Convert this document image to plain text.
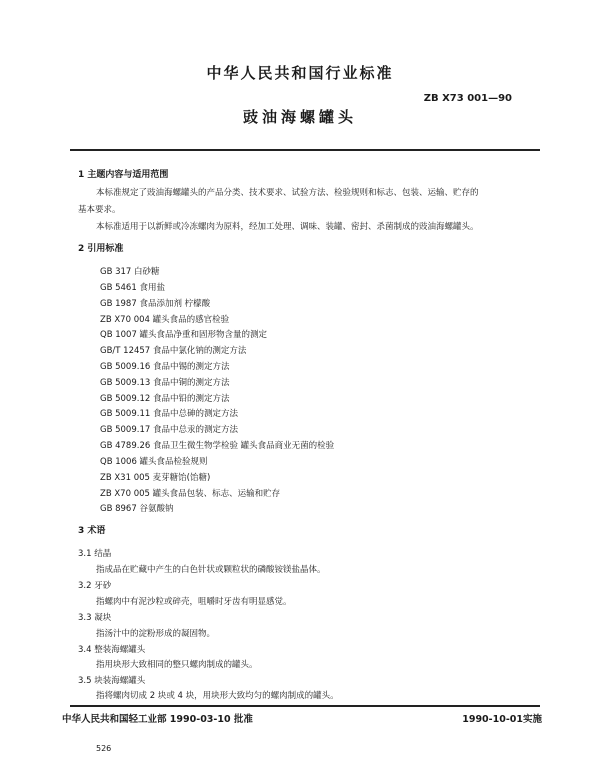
中华人民共和国行业标准
ZB X73 001—90
豉油海螺罐头
1 主题内容与适用范围
本标准规定了豉油海螺罐头的产品分类、技术要求、试验方法、检验规则和标志、包装、运输、贮存的
基本要求。
本标准适用于以新鲜或冷冻螺肉为原料，经加工处理、调味、装罐、密封、杀菌制成的豉油海螺罐头。
2 引用标准
GB 317 白砂糖
GB 5461 食用盐
GB 1987 食品添加剂 柠檬酸
ZB X70 004 罐头食品的感官检验
QB 1007 罐头食品净重和固形物含量的测定
GB/T 12457 食品中氯化钠的测定方法
GB 5009.16 食品中锡的测定方法
GB 5009.13 食品中铜的测定方法
GB 5009.12 食品中铅的测定方法
GB 5009.11 食品中总砷的测定方法
GB 5009.17 食品中总汞的测定方法
GB 4789.26 食品卫生微生物学检验 罐头食品商业无菌的检验
QB 1006 罐头食品检验规则
ZB X31 005 麦芽糖饴(饴糖)
ZB X70 005 罐头食品包装、标志、运输和贮存
GB 8967 谷氨酸钠
3 术语
3.1 结晶
指成品在贮藏中产生的白色针状或颗粒状的磷酸铵镁盐晶体。
3.2 牙砂
指螺肉中有泥沙粒或碎壳，咀嚼时牙齿有明显感觉。
3.3 凝块
指汤汁中的淀粉形成的凝固物。
3.4 整装海螺罐头
指用块形大致相同的整只螺肉制成的罐头。
3.5 块装海螺罐头
指将螺肉切成 2 块或 4 块，用块形大致均匀的螺肉制成的罐头。
中华人民共和国轻工业部 1990-03-10 批准	1990-10-01实施
526
